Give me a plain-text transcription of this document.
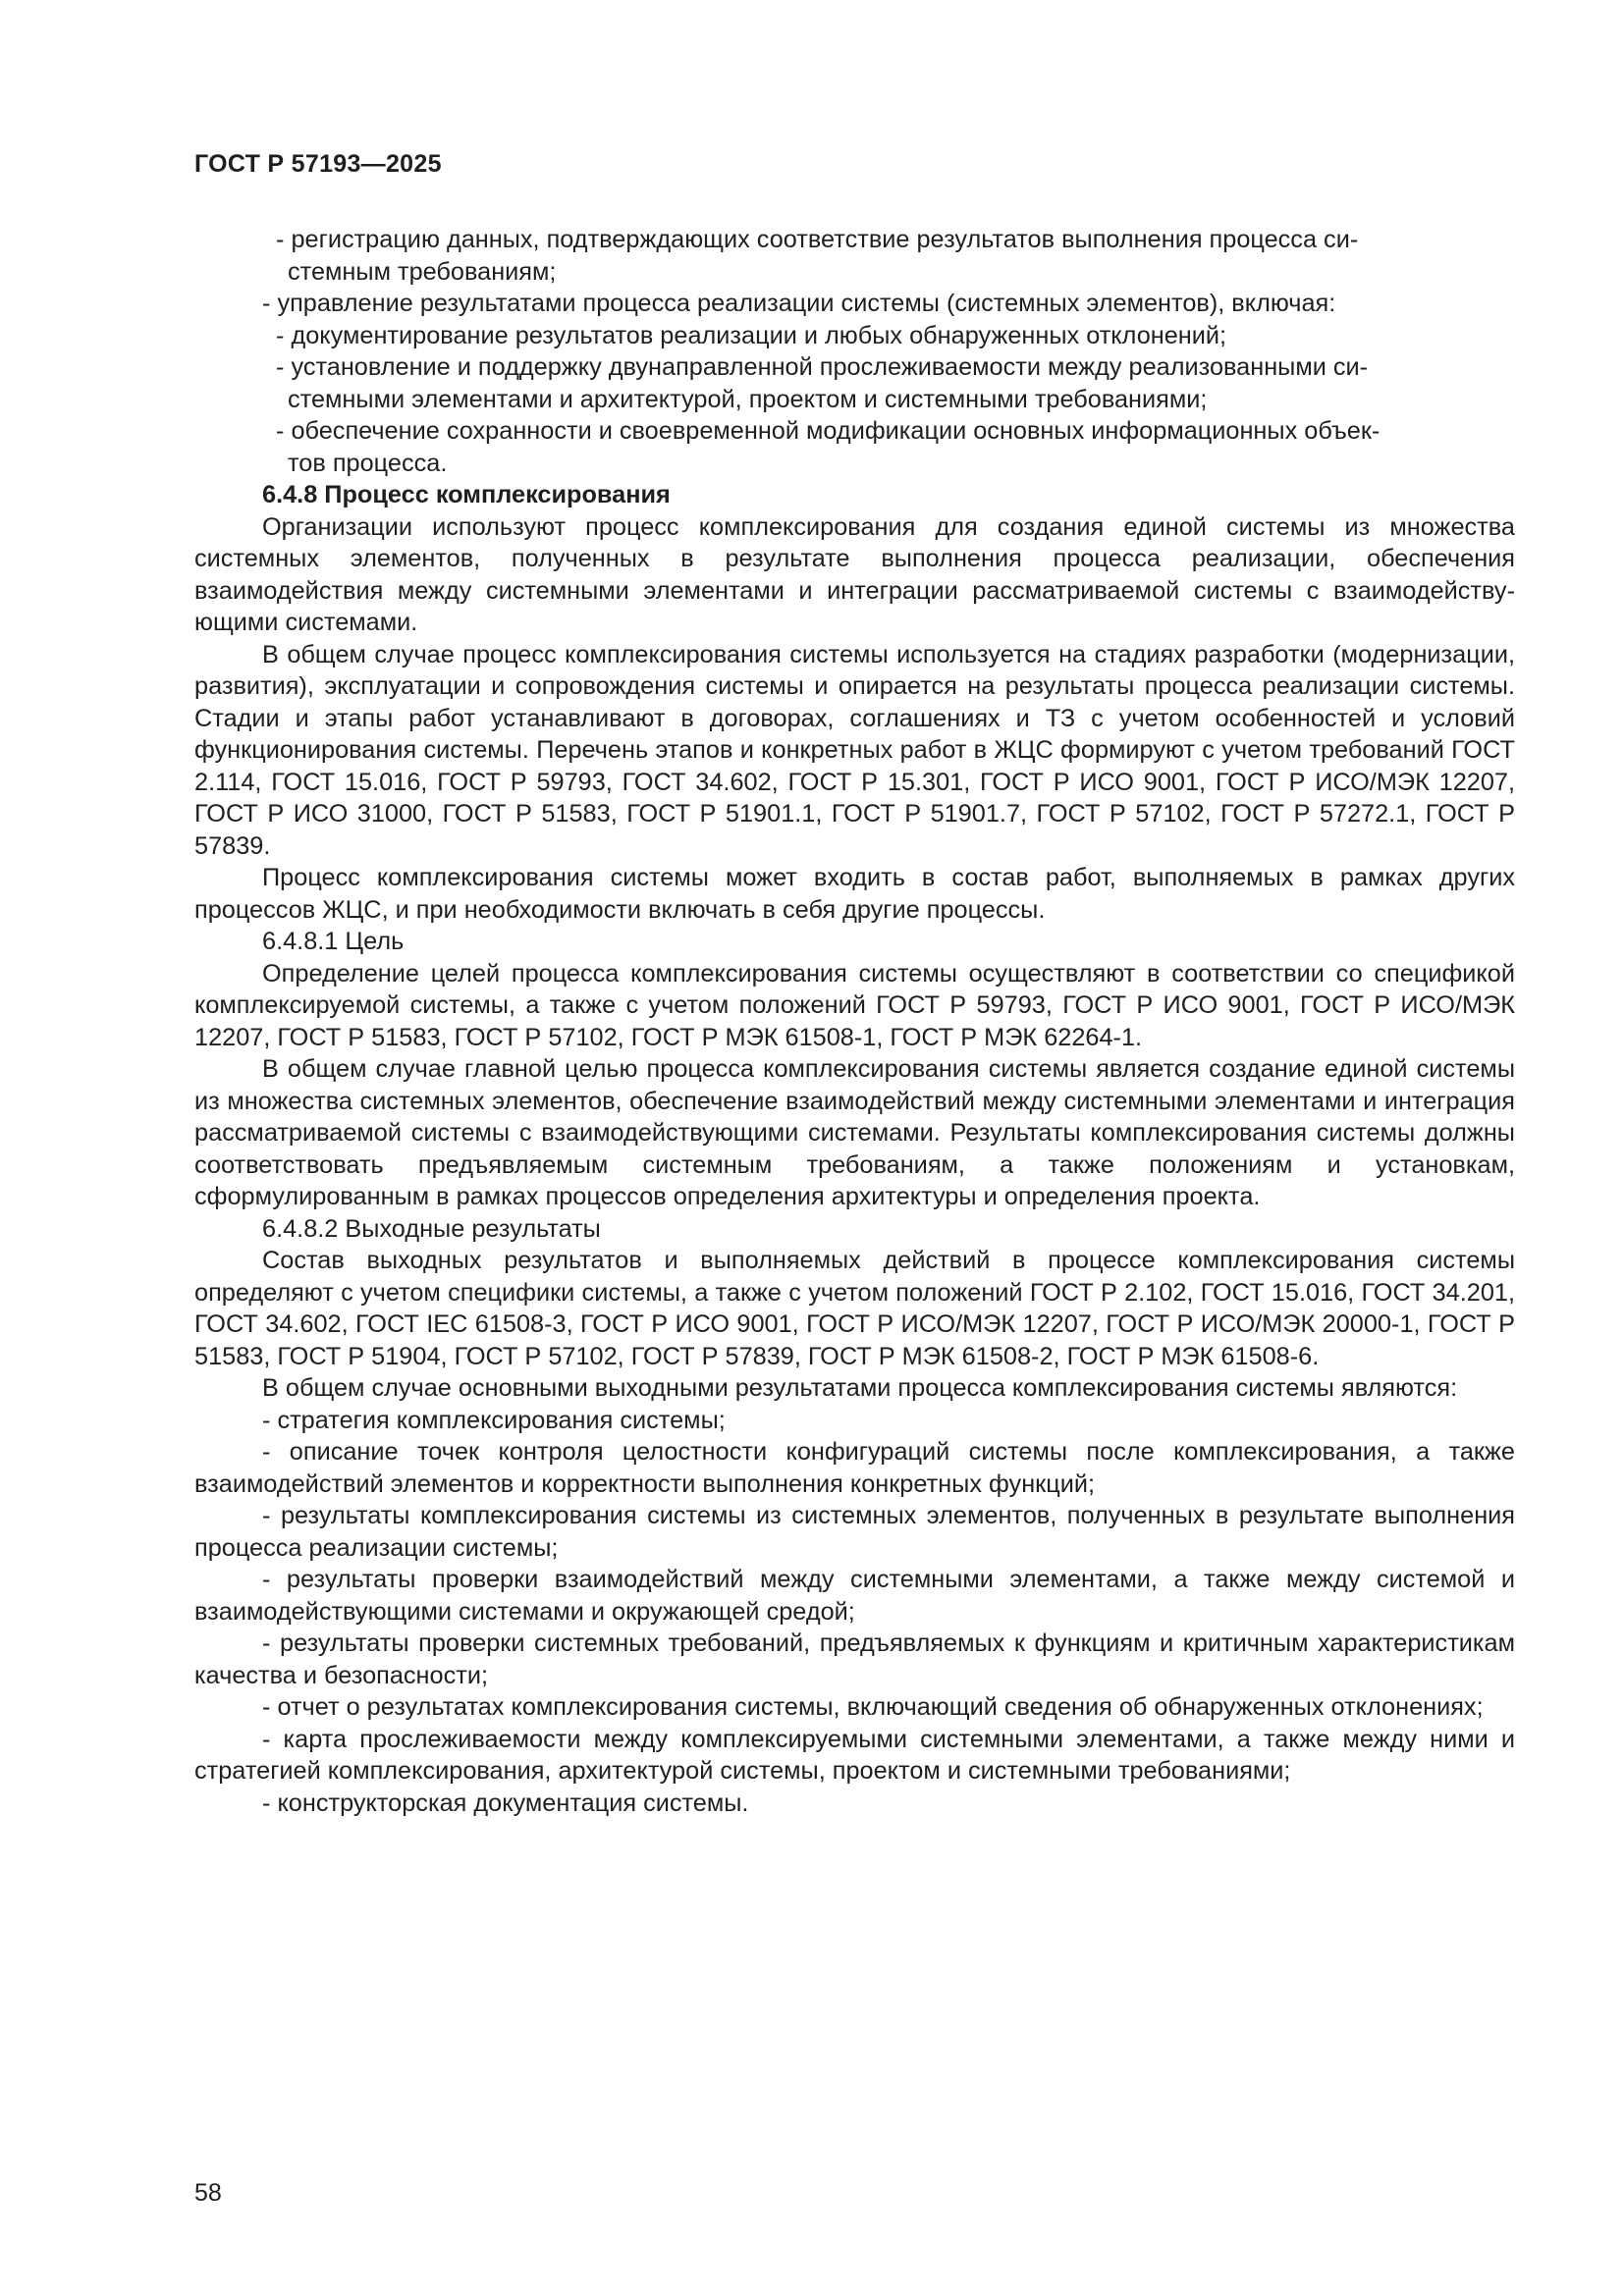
ГОСТ Р 57193—2025

- регистрацию данных, подтверждающих соответствие результатов выполнения процесса си-
стемным требованиям;

- управление результатами процесса реализации системы (системных элементов), включая:

- документирование результатов реализации и любых обнаруженных отклонений;

- установление и поддержку двунаправленной прослеживаемости между реализованными си-
стемными элементами и архитектурой, проектом и системными требованиями;

- обеспечение сохранности и своевременной модификации основных информационных объек-
тов процесса.

6.4.8 Процесс комплексирования

Организации используют процесс комплексирования для создания единой системы из множества системных элементов, полученных в результате выполнения процесса реализации, обеспечения взаимодействия между системными элементами и интеграции рассматриваемой системы с взаимодействующими системами.

В общем случае процесс комплексирования системы используется на стадиях разработки (модернизации, развития), эксплуатации и сопровождения системы и опирается на результаты процесса реализации системы. Стадии и этапы работ устанавливают в договорах, соглашениях и ТЗ с учетом особенностей и условий функционирования системы. Перечень этапов и конкретных работ в ЖЦС формируют с учетом требований ГОСТ 2.114, ГОСТ 15.016, ГОСТ Р 59793, ГОСТ 34.602, ГОСТ Р 15.301, ГОСТ Р ИСО 9001, ГОСТ Р ИСО/МЭК 12207, ГОСТ Р ИСО 31000, ГОСТ Р 51583, ГОСТ Р 51901.1, ГОСТ Р 51901.7, ГОСТ Р 57102, ГОСТ Р 57272.1, ГОСТ Р 57839.

Процесс комплексирования системы может входить в состав работ, выполняемых в рамках других процессов ЖЦС, и при необходимости включать в себя другие процессы.

6.4.8.1 Цель

Определение целей процесса комплексирования системы осуществляют в соответствии со спецификой комплексируемой системы, а также с учетом положений ГОСТ Р 59793, ГОСТ Р ИСО 9001, ГОСТ Р ИСО/МЭК 12207, ГОСТ Р 51583, ГОСТ Р 57102, ГОСТ Р МЭК 61508-1, ГОСТ Р МЭК 62264-1.

В общем случае главной целью процесса комплексирования системы является создание единой системы из множества системных элементов, обеспечение взаимодействий между системными элементами и интеграция рассматриваемой системы с взаимодействующими системами. Результаты комплексирования системы должны соответствовать предъявляемым системным требованиям, а также положениям и установкам, сформулированным в рамках процессов определения архитектуры и определения проекта.

6.4.8.2 Выходные результаты

Состав выходных результатов и выполняемых действий в процессе комплексирования системы определяют с учетом специфики системы, а также с учетом положений ГОСТ Р 2.102, ГОСТ 15.016, ГОСТ 34.201, ГОСТ 34.602, ГОСТ IEC 61508-3, ГОСТ Р ИСО 9001, ГОСТ Р ИСО/МЭК 12207, ГОСТ Р ИСО/МЭК 20000-1, ГОСТ Р 51583, ГОСТ Р 51904, ГОСТ Р 57102, ГОСТ Р 57839, ГОСТ Р МЭК 61508-2, ГОСТ Р МЭК 61508-6.

В общем случае основными выходными результатами процесса комплексирования системы являются:

- стратегия комплексирования системы;

- описание точек контроля целостности конфигураций системы после комплексирования, а также взаимодействий элементов и корректности выполнения конкретных функций;

- результаты комплексирования системы из системных элементов, полученных в результате выполнения процесса реализации системы;

- результаты проверки взаимодействий между системными элементами, а также между системой и взаимодействующими системами и окружающей средой;

- результаты проверки системных требований, предъявляемых к функциям и критичным характеристикам качества и безопасности;

- отчет о результатах комплексирования системы, включающий сведения об обнаруженных отклонениях;

- карта прослеживаемости между комплексируемыми системными элементами, а также между ними и стратегией комплексирования, архитектурой системы, проектом и системными требованиями;

- конструкторская документация системы.

58
